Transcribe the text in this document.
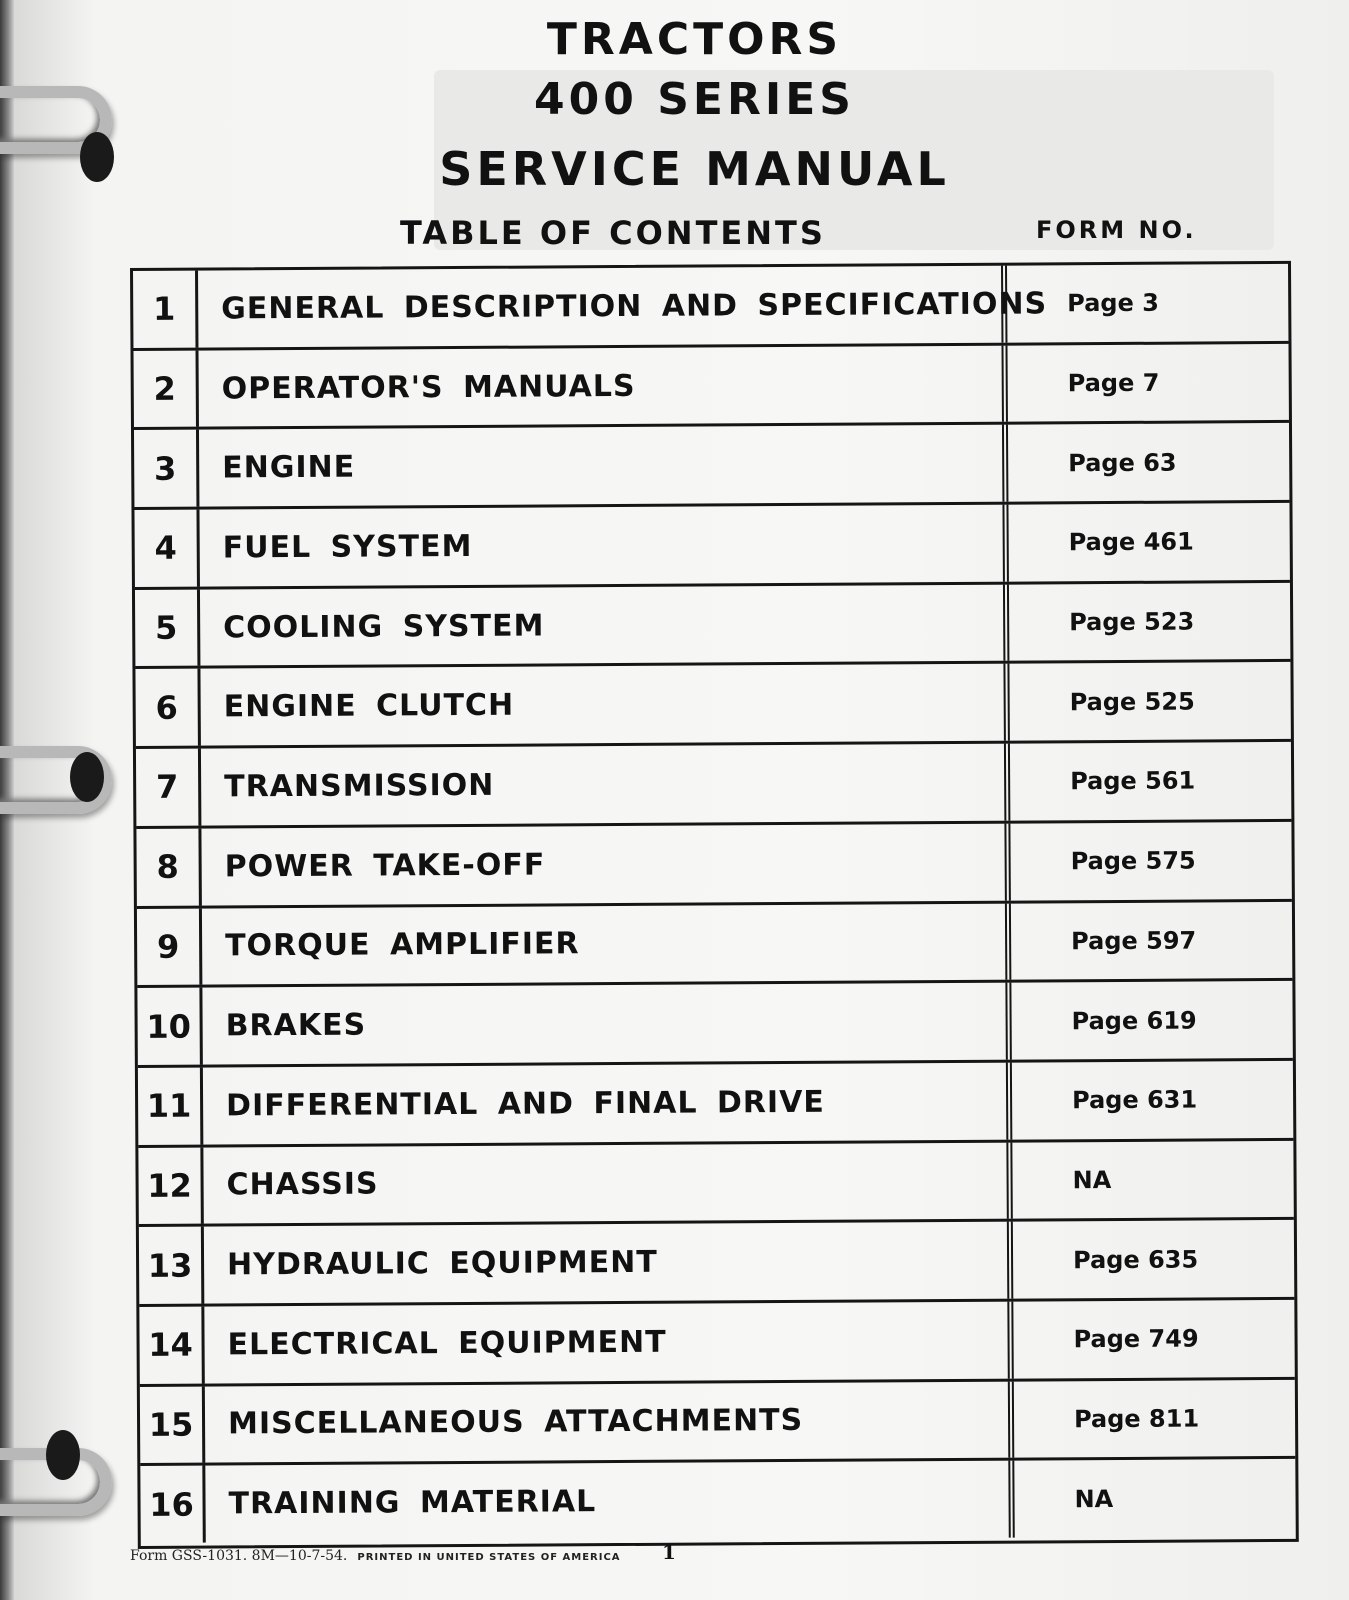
TRACTORS
400 SERIES
SERVICE MANUAL
TABLE OF CONTENTS	FORM NO.
1	GENERAL DESCRIPTION AND SPECIFICATIONS Page 3
2	OPERATOR'S MANUALS	Page 7
3	ENGINE	Page 63
4	FUEL SYSTEM	Page 461
5	COOLING SYSTEM	Page 523
6	ENGINE CLUTCH	Page 525
7	TRANSMISSION	Page 561
8	POWER TAKE-OFF	Page 575
9	TORQUE AMPLIFIER	Page 597
10	BRAKES	Page 619
11	DIFFERENTIAL AND FINAL DRIVE	Page 631
12	CHASSIS	NA
13	HYDRAULIC EQUIPMENT	Page 635
14	ELECTRICAL EQUIPMENT	Page 749
15	MISCELLANEOUS ATTACHMENTS	Page 811
16	TRAINING MATERIAL	NA
Form GSS-1031. 8M—10-7-54. PRINTED IN UNITED STATES OF AMERICA 1
